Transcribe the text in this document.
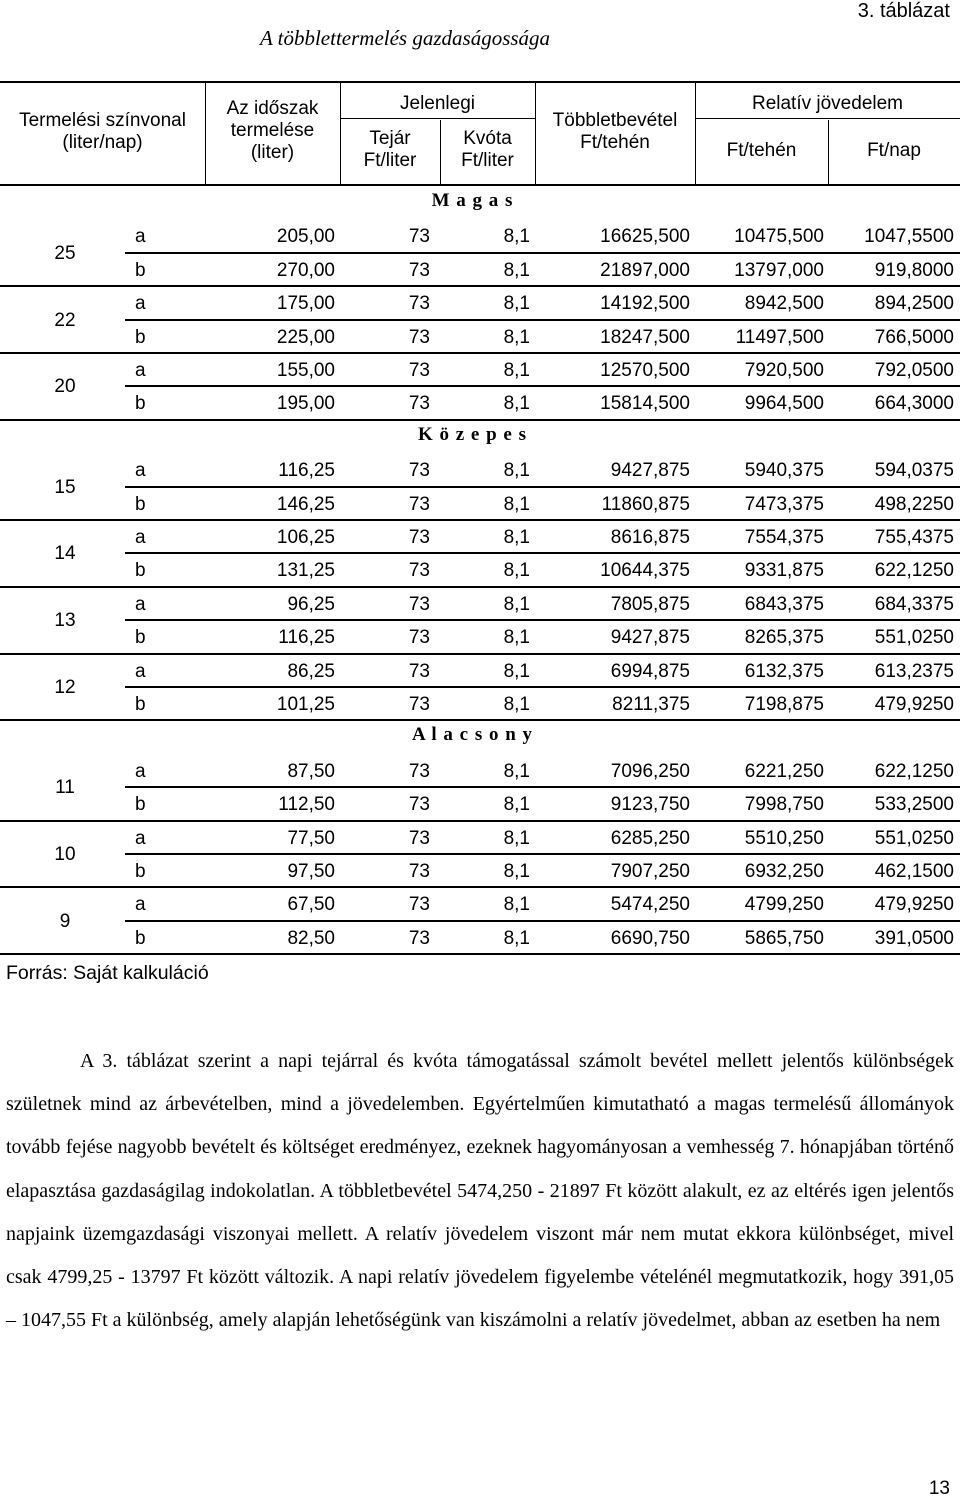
3. táblázat
A többlettermelés gazdaságossága
Termelési színvonal
(liter/nap)
Az időszak
termelése
(liter)
Jelenlegi
Tejár
Ft/liter
Kvóta
Ft/liter
Többletbevétel
Ft/tehén
Relatív jövedelem
Ft/tehén	Ft/nap
M a g a s
25
a	205,00	73	8,1	16625,500	10475,500	1047,5500
b	270,00	73	8,1	21897,000	13797,000	919,8000
22
a	175,00	73	8,1	14192,500	8942,500	894,2500
b	225,00	73	8,1	18247,500	11497,500	766,5000
20
a	155,00	73	8,1	12570,500	7920,500	792,0500
b	195,00	73	8,1	15814,500	9964,500	664,3000
K ö z e p e s
15
a	116,25	73	8,1	9427,875	5940,375	594,0375
b	146,25	73	8,1	11860,875	7473,375	498,2250
14
a	106,25	73	8,1	8616,875	7554,375	755,4375
b	131,25	73	8,1	10644,375	9331,875	622,1250
13
a	96,25	73	8,1	7805,875	6843,375	684,3375
b	116,25	73	8,1	9427,875	8265,375	551,0250
12
a	86,25	73	8,1	6994,875	6132,375	613,2375
b	101,25	73	8,1	8211,375	7198,875	479,9250
A l a c s o n y
11
a	87,50	73	8,1	7096,250	6221,250	622,1250
b	112,50	73	8,1	9123,750	7998,750	533,2500
10
a	77,50	73	8,1	6285,250	5510,250	551,0250
b	97,50	73	8,1	7907,250	6932,250	462,1500
9
a	67,50	73	8,1	5474,250	4799,250	479,9250
b	82,50	73	8,1	6690,750	5865,750	391,0500
Forrás: Saját kalkuláció

A 3. táblázat szerint a napi tejárral és kvóta támogatással számolt bevétel mellett jelentős különbségek születnek mind az árbevételben, mind a jövedelemben. Egyértelműen kimutatható a magas termelésű állományok tovább fejése nagyobb bevételt és költséget eredményez, ezeknek hagyományosan a vemhesség 7. hónapjában történő elapasztása gazdaságilag indokolatlan. A többletbevétel 5474,250 - 21897 Ft között alakult, ez az eltérés igen jelentős napjaink üzemgazdasági viszonyai mellett. A relatív jövedelem viszont már nem mutat ekkora különbséget, mivel csak 4799,25 - 13797 Ft között változik. A napi relatív jövedelem figyelembe vételénél megmutatkozik, hogy 391,05 – 1047,55 Ft a különbség, amely alapján lehetőségünk van kiszámolni a relatív jövedelmet, abban az esetben ha nem

13
